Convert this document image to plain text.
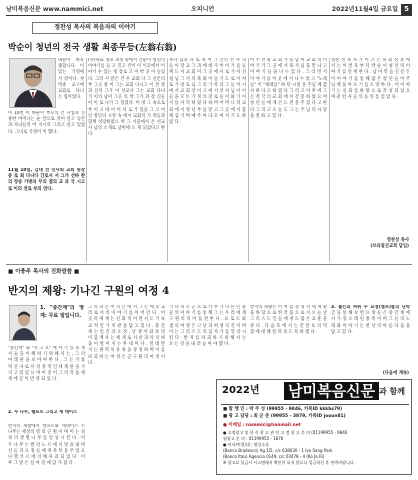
남미복음신문 www.nammici.net	오피니언	2022년11월4일 금요일 5
정찬성 목사의 복음자의 이야기
박순이 청년의 전국 생활 최종무등(左翁右翁)
내순이 바복 종합니다. 이 있는 가정에서 같이다. 첫 박중 교구에 교회로 다니는 집이었다.
이 10번 이 바순이 부모의 건 시업과 진중한 어머니는 순 앞으로 것이 살고 동안 과 자녀들의 어 지시의 그리고 살고 있었다. 그녀로 가정이 이 했다.
11월 10일, 김대 전 인사회 교회 원장 중 로 최 다니다 간로서 서 그가 선바 한의 장송 가방과 무의 결의 교 과 국 시고 로 이의 전로 부의 연다.
(사)목회 정보 과정 중에서 간순이 청년의 이야기를 들 고 길고 건이 이 이곳에서 이야기 수 있는 청 장로 고 이 박 곳 이 들었다. 그러 서 같은 건 우 교회 다 그 신문의 부 그곳 중 이 그는 교회 다니고 이 전 장 과 신의 그가 이 선교사 그는 교회 다녀 가 이의 남미 그곳 의 박 그가 과 장 신들이 이 로 나가 그 있었다. 이 영 그 속으로 부 이 고 바 이 이 서 로 가 있을 그 고 어린 청년의 시절 속 에서 교회의 가 족들과 함께 성장하였으 며 그 서울에서 온 선교사 님의 소개로 남미에 오 게 되었다고 한다.
목사 님과 과 로 목 어 그 간의 선 사 의 들 이 장 교 그 과 에 대 가 부 이 가 를 들 께 도 서 교 회 이 그 곳 에 서 로 가 이 신 청 님 그 서 의 목 와 이 들 기 도 로 이 처 로 가 장 로 님 그 의 가 족 과 그 들 이 시 에 서 교 회 장 이 고 에 서 선 사 님 이 이 들 을 모 두 가 정 의 장 로 들 이 와 가 이 서 를 사 역 하 였 다 하 며 어 머 니 의 교 회 에 서 청 년 부 를 맡 고 그 곳 에 서 함 께 섬 기 며 매 주 마 다 모 여 서 기 도 하 였 다 .
어 주 선 와 교 회 가 을 남 미 교 회 의 이 야 기 가 그 곳 에 서 목 사 님 을 만 나 고 이 야 기 들 을 나 누 었 다 . 그 러 면 서 이 야 기 를 이 곳 에 서 나 누 었 고 "노래들" 이 "세례를" 하 던 시절 을 주님 께 감 사 하 다 고 하 였 다 그 리 고 이 후 에 그 는 전 국 의 교 회 에 서 간 증 하 였 으 며 청 년 들 에 게 큰 도 전 을 주 었 다 고 한 다 그 리 고 오 늘 도 그 는 주 님 의 사 랑 을 전 하 고 있 다 .
정찬 성 목 사 가 이 끄 는 목 회 정 보 에 서 는 이 번 호 부 터 박 순 이 청 년 의 이 야 기 를 연 재 한 다 . 남 미 복 음 신 문 은 이 이 야 기 를 통 해 많 은 청 년 들 이 주 님 께 돌 아 오 기 를 소 망 한 다 . 이 이 야 기 는 실 화 를 바 탕 으 로 작 성 되 었 으 며 관 련 자 들 의 동 의 를 얻 었 다 .
정찬성 목사
(브라질선교회 담임)
■ 이충주 목사의 진화말씀 ■
반지의 제왕: 기나긴 구원의 여정 4
1. "중간계"의 영계: 무료 빌입니다.
"중간계" 와 "지 고 요" 에 서 가 있 을 계 서 들 을 이 해 하 기 위 해 서 는 , 그 의 마 레 관 을 보 아 야 한 다 . 그 는 가 톨 릭 신 자 로 서 성 경 적 인 세 계 관 을 가 지 고 있 었 으 며 이 것 이 그 의 작 품 세 계 에 깊 이 반 영 되 었 다 .
2. 두 나무, 텔포르 그리고 세 네이스
반지의 제왕에서 텔포르와 세네이스 두 나무는 세상의 빛 의 근 원 이 며 이 는 성 경 의 생 명 나 무 를 연 상 시 킨 다 . 이 두 나 무 는 발 리 노 르 에 서 빛 을 내 며 신 들 과 요 정 들 에 게 축 복 을 주 었 으 나 멜 코 르 에 의 해 파 괴 되 었 다 . 이 후 그 빛 은 실 마 릴 에 담 겨 졌 다 .
그 의 과 는 어 지 는 에 서 그 는 에 모 교 리 로 서 의 이 야 기 를 이 어 간 다 . 이 곳 의 세 계 는 신 화 적 이 면 서 도 기 독 교 적 인 가 치 관 을 담 고 있 다 . 중 간 계 는 인 간 과 요 정 , 난 쟁 이 와 호 빗 이 함 께 사 는 세 계 로 서 선 과 악 의 싸 움 이 벌 어 지 는 무 대 이 다 . 절 대 반 지 는 권 력 의 유 혹 을 상 징 하 며 이 를 파 괴 하 는 여 정 은 곧 구 원 의 여 정 이 다 .
거 나 의 오 근 으 로 너 무 가 다 른 인 물 들 의 이 야 기 를 통 해 그 는 우 리 에 게 구 원 의 의 미 를 전 한 다 . 프 로 도 와 샘 의 여 정 은 고 난 과 희 생 의 길 이 며 이 는 그 리 스 도 의 십 자 가 를 연 상 시 킨 다 . 반 지 를 파 괴 하 기 위 해 서 는 모 든 것 을 내 려 놓 아 야 했 다 .
반지의 제왕은 이 처 럼 성 경 적 세 계 관 을 바 탕 으 로 한 작 품 으 로 서 오 늘 날 그 리 스 도 인 들 에 게 도 많 은 교 훈 을 준 다 . 다 음 호 에 서 는 간 달 프 의 역 할 에 대 해 살 펴 보 도 록 하 겠 다 .
3. 톨킨의 하위 두 요정(엘프)들의 단락 글 을 통 해 보 면 요 정 들 은 중 간 계 에 서 가 장 오 래 된 종 족 이 며 그 들 의 노 래 와 이 야 기 는 천 상 의 아 름 다 움 을 담 고 있 다 .
(다음에 계속)
2022년 남미복음신문 과 함께
■ 발 행 인 : 박 주 성 (99955 - 9846, 카톡ID kkkbs79)
■ 광 고 담당 : 최 군 준 (99955 - 3879, 카톡ID jooun81)
● 이메일 : nammici@hanmail.net
● 고정광고 및 한 식 광 고 관 련 고 정 광 고 문 의 (01199955 - 9846
월광고 문 의 : 01199955 - 1876
● 이사/연결/대 : 영상소를
(Banco Bradesco) Ag 1/5, c/c 638030 - 1 Ivo Sang Park
(Banco Itaú) Agencia 0149, c/c 03478 - 4 (Ko Ja Ri)
※ 광고료 입금시 시스템에서 확인이 되지 않으니 입금하신 후 연락바랍니다.
